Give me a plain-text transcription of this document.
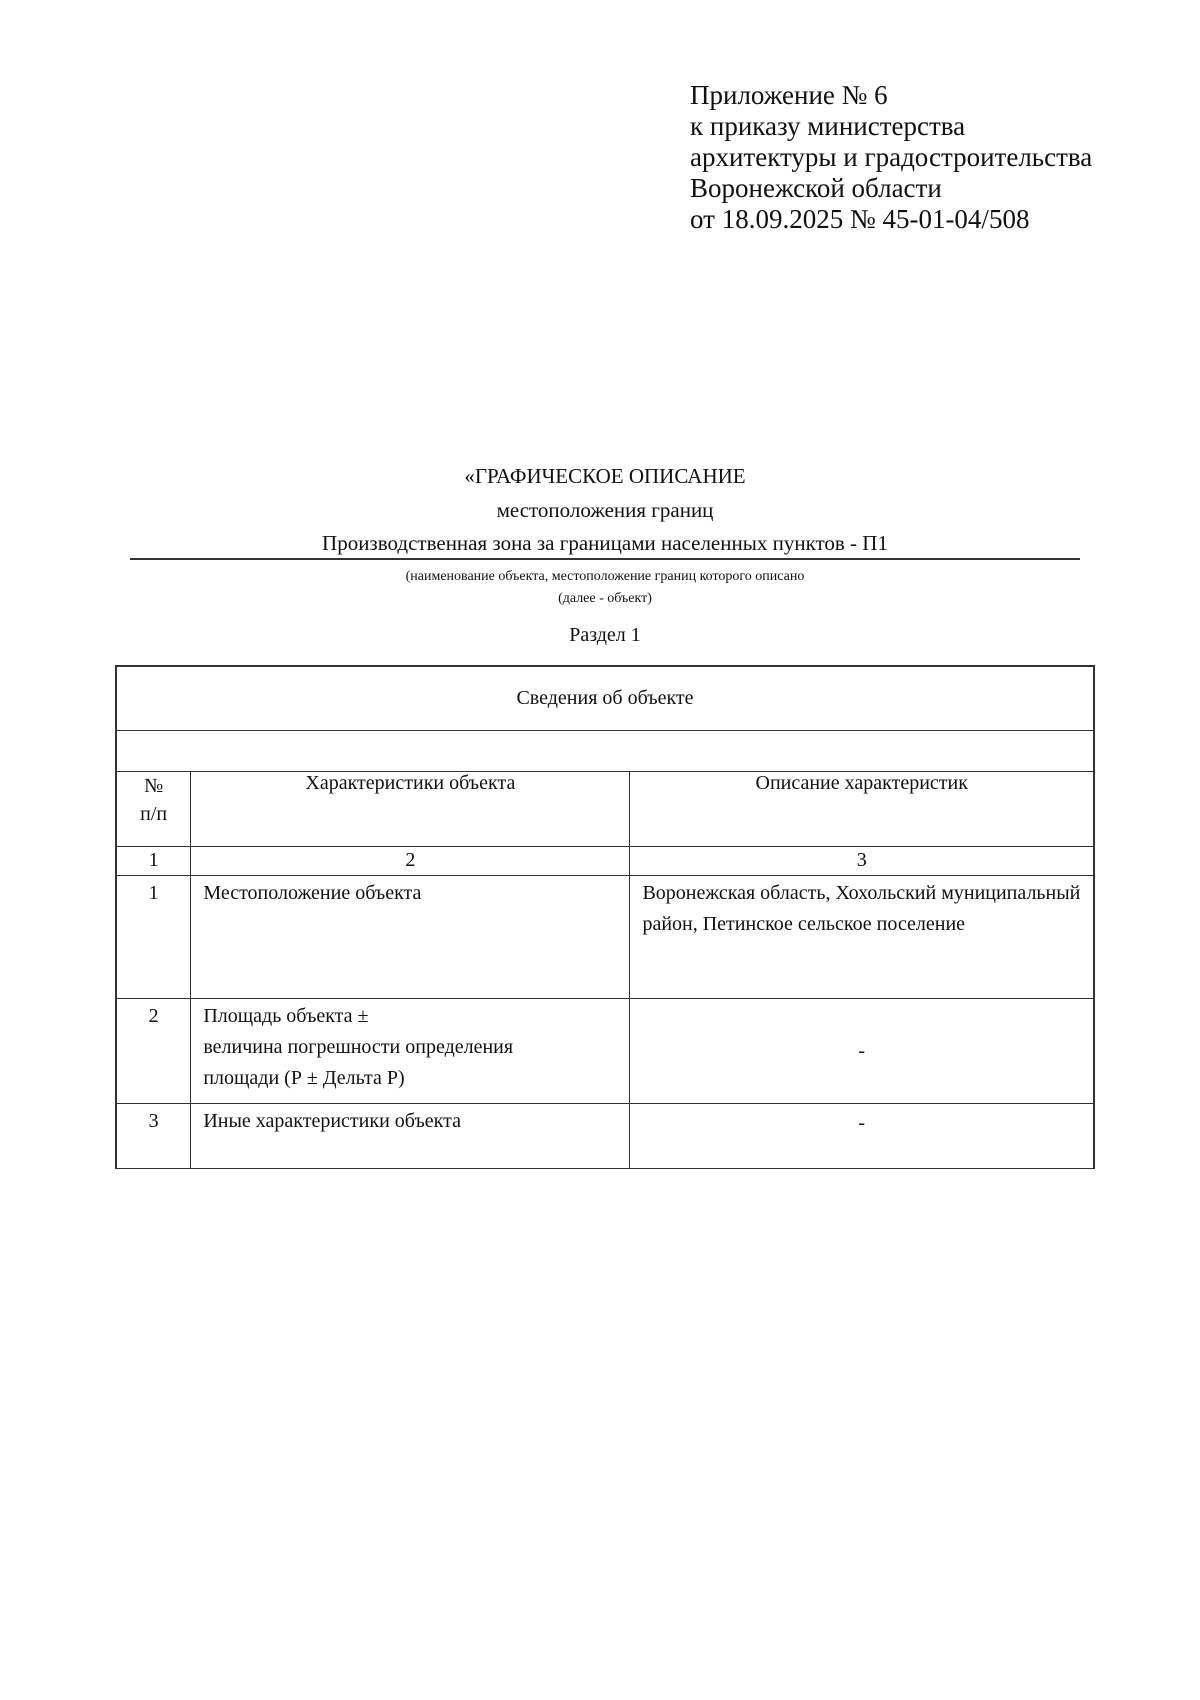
Приложение № 6
к приказу министерства
архитектуры и градостроительства
Воронежской области
от 18.09.2025 № 45-01-04/508
«ГРАФИЧЕСКОЕ ОПИСАНИЕ
местоположения границ
Производственная зона за границами населенных пунктов - П1
(наименование объекта, местоположение границ которого описано
(далее - объект)
Раздел 1
Сведения об объекте		

№
п/п	Характеристики объекта	Описание характеристик
1	2	3
1	Местоположение объекта	Воронежская область, Хохольский муниципальный район, Петинское сельское поселение
2	Площадь объекта ±
величина погрешности определения
площади (Р ± Дельта Р)	-
3	Иные характеристики объекта	-
